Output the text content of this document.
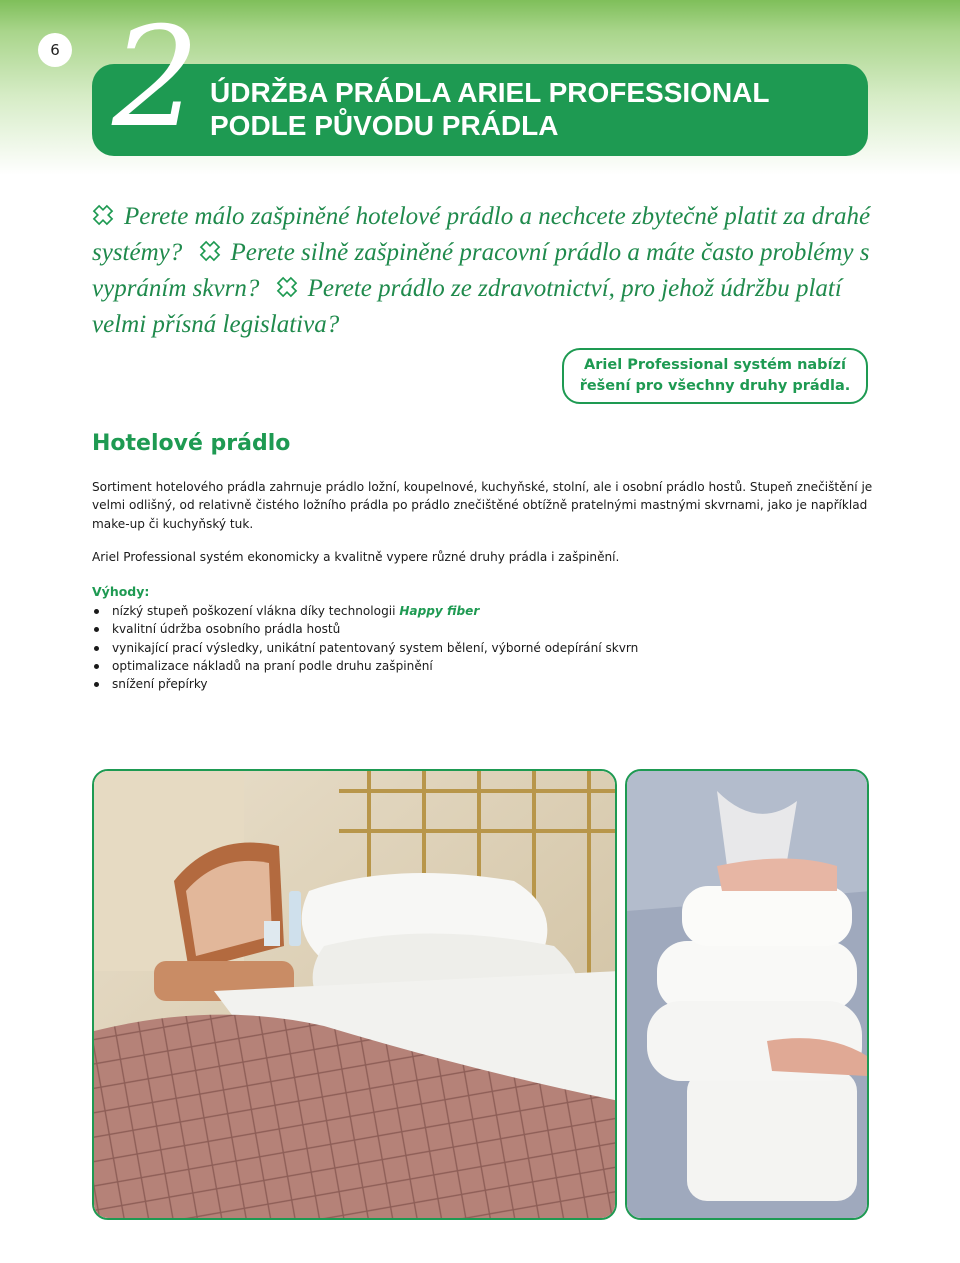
6 2 ÚDRŽBA PRÁDLA ARIEL PROFESSIONAL
PODLE PŮVODU PRÁDLA
Perete málo zašpiněné hotelové prádlo a nechcete zbytečně platit za drahé systémy? Perete silně zašpiněné pracovní prádlo a máte často problémy s vypráním skvrn? Perete prádlo ze zdravotnictví, pro jehož údržbu platí velmi přísná legislativa?
Ariel Professional systém nabízí řešení pro všechny druhy prádla.
Hotelové prádlo

Sortiment hotelového prádla zahrnuje prádlo ložní, koupelnové, kuchyňské, stolní, ale i osobní prádlo hostů. Stupeň znečištění je velmi odlišný, od relativně čistého ložního prádla po prádlo znečištěné obtížně pratelnými mastnými skvrnami, jako je například make-up či kuchyňský tuk.

Ariel Professional systém ekonomicky a kvalitně vypere různé druhy prádla i zašpinění.

Výhody:

nízký stupeň poškození vlákna díky technologii Happy fiber
kvalitní údržba osobního prádla hostů
vynikající prací výsledky, unikátní patentovaný system bělení, výborné odepírání skvrn
optimalizace nákladů na praní podle druhu zašpinění
snížení přepírky
